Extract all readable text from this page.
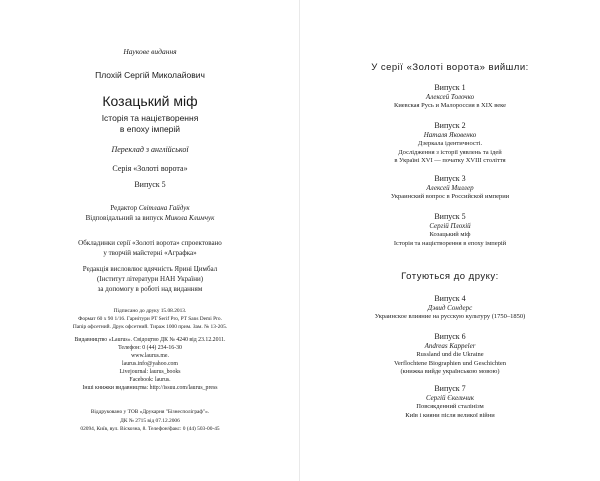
Наукове видання
Плохій Сергій Миколайович
Козацький міф
Історія та націєтворення
в епоху імперій
Переклад з англійської
Серія «Золоті ворота»
Випуск 5
Редактор Світлана Гайдук
Відповідальний за випуск Микола Климчук
Обкладинки серії «Золоті ворота» спроектовано
у творчій майстерні «Аграфка»
Редакція висловлює вдячність Ярині Цимбал
(Інститут літератури НАН України)
за допомогу в роботі над виданням
Підписано до друку 15.08.2013.
Формат 60 x 90 1/16. Гарнітури PT Serif Pro, PT Sans Demi Pro.
Папір офсетний. Друк офсетний. Тираж 1000 прим. Зам. № 13-205.
Видавництво «Laurus». Свідоцтво ДК № 4240 від 23.12.2011.
Телефон: 0 (44) 234-16-30
www.laurus.me.
laurus.info@yahoo.com
Livejournal: laurus_books
Facebook: laurus.
Інші книжки видавництва: http://issuu.com/laurus_press
Віддруковано у ТОВ «Друкарня "Бізнесполіграф"».
ДК № 2715 від 07.12.2006
02094, Київ, вул. Віскозна, 8. Телефон/факс: 0 (44) 503-00-45
У серії «Золоті ворота» вийшли:
Випуск 1
Алексей Толочко
Киевская Русь и Малороссия в XIX веке
Випуск 2
Наталя Яковенко
Дзеркала ідентичності.
Дослідження з історії уявлень та ідей
в Україні XVI — початку XVIII століття
Випуск 3
Алексей Миллер
Украинский вопрос в Российской империи
Випуск 5
Сергій Плохій
Козацький міф
Історія та націєтворення в епоху імперій
Готуються до друку:
Випуск 4
Дэвид Сондерс
Украинское влияние на русскую культуру (1750–1850)
Випуск 6
Andreas Kappeler
Russland und die Ukraine
Verflochtene Biographien und Geschichten
(книжка вийде українською мовою)
Випуск 7
Сергій Єкельчик
Повсякденний сталінізм
Київ і кияни після великої війни
